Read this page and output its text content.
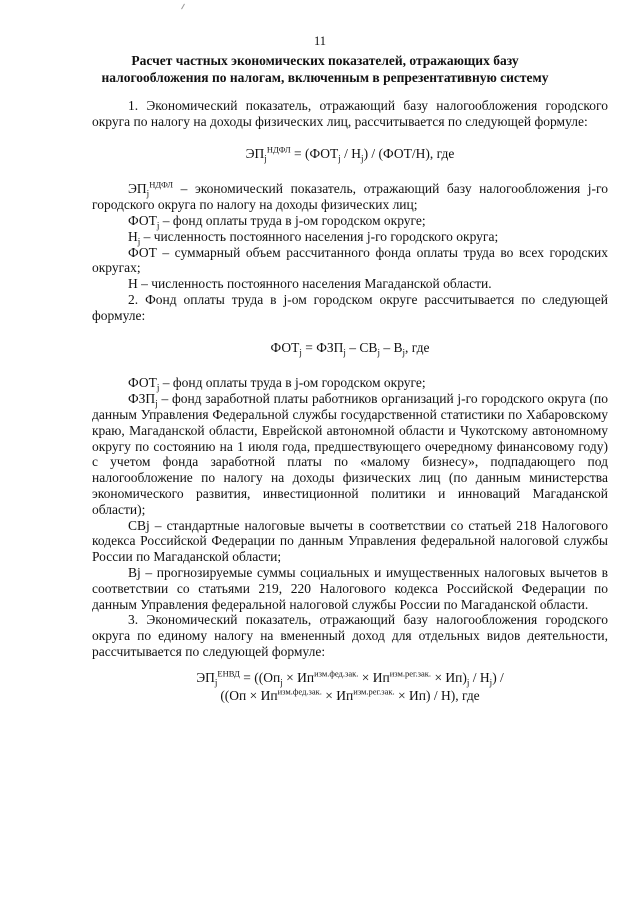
11
Расчет частных экономических показателей, отражающих базу
налогообложения по налогам, включенным в репрезентативную систему

1. Экономический показатель, отражающий базу налогообложения городского округа по налогу на доходы физических лиц, рассчитывается по следующей формуле:

$ЭП_j^{НДФЛ} = (ФОТ_j / Н_j) / (ФОТ/Н)$, где

$ЭП_j^{НДФЛ}$ – экономический показатель, отражающий базу налогообложения j-го городского округа по налогу на доходы физических лиц;

$ФОТ_j$ – фонд оплаты труда в j-ом городском округе;

$Н_j$ – численность постоянного населения j-го городского округа;

ФОТ – суммарный объем рассчитанного фонда оплаты труда во всех городских округах;

Н – численность постоянного населения Магаданской области.

2. Фонд оплаты труда в j-ом городском округе рассчитывается по следующей формуле:

$ФОТ_j = ФЗП_j - СВ_j - В_j$, где

$ФОТ_j$ – фонд оплаты труда в j-ом городском округе;

$ФЗП_j$ – фонд заработной платы работников организаций j-го городского округа (по данным Управления Федеральной службы государственной статистики по Хабаровскому краю, Магаданской области, Еврейской автономной области и Чукотскому автономному округу по состоянию на 1 июля года, предшествующего очередному финансовому году) с учетом фонда заработной платы по «малому бизнесу», подпадающего под налогообложение по налогу на доходы физических лиц (по данным министерства экономического развития, инвестиционной политики и инноваций Магаданской области);

СВj – стандартные налоговые вычеты в соответствии со статьей 218 Налогового кодекса Российской Федерации по данным Управления федеральной налоговой службы России по Магаданской области;

Вj – прогнозируемые суммы социальных и имущественных налоговых вычетов в соответствии со статьями 219, 220 Налогового кодекса Российской Федерации по данным Управления федеральной налоговой службы России по Магаданской области.

3. Экономический показатель, отражающий базу налогообложения городского округа по единому налогу на вмененный доход для отдельных видов деятельности, рассчитывается по следующей формуле:

$ЭП_j^{ЕНВД} = ((Оп_j \times Ип^{изм.фед.зак.} \times Ип^{изм.рег.зак.} \times Ип)_j / Н_j)$ /
$((Оп \times Ип^{изм.фед.зак.} \times Ип^{изм.рег.зак.} \times Ип) / Н)$, где
